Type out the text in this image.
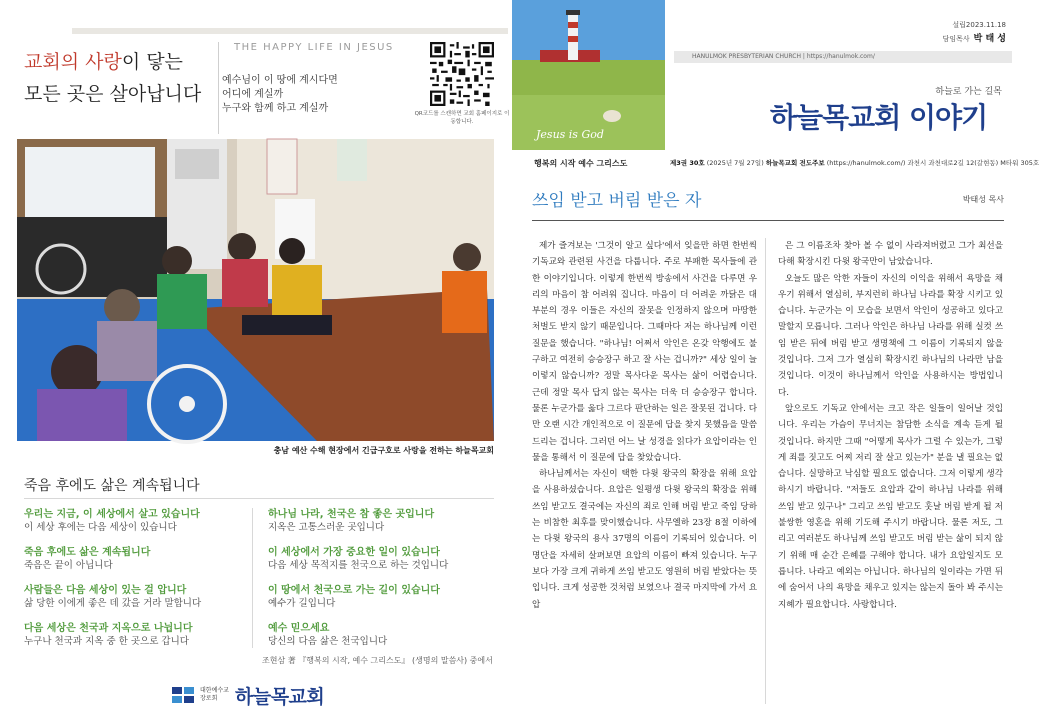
교회의 사랑이 닿는
모든 곳은 살아납니다
THE HAPPY LIFE IN JESUS
예수님이 이 땅에 계시다면
어디에 계실까
누구와 함께 하고 계실까	QR코드를 스캔하면 교회 홈페이지로 이동합니다.
충남 예산 수해 현장에서 긴급구호로 사랑을 전하는 하늘목교회
죽음 후에도 삶은 계속됩니다
우리는 지금, 이 세상에서 살고 있습니다
이 세상 후에는 다음 세상이 있습니다
죽음 후에도 삶은 계속됩니다
죽음은 끝이 아닙니다
사람들은 다음 세상이 있는 걸 압니다
삶 당한 이에게 좋은 데 갔을 거라 말합니다
다음 세상은 천국과 지옥으로 나뉩니다
누구나 천국과 지옥 중 한 곳으로 갑니다
하나님 나라, 천국은 참 좋은 곳입니다
지옥은 고통스러운 곳입니다
이 세상에서 가장 중요한 일이 있습니다
다음 세상 목적지를 천국으로 하는 것입니다
이 땅에서 천국으로 가는 길이 있습니다
예수가 길입니다
예수 믿으세요
당신의 다음 삶은 천국입니다
조현삼 著 『행복의 시작, 예수 그리스도』 (생명의 말씀사) 중에서
대한예수교
장로회 하늘목교회
Jesus is God
행복의 시작 예수 그리스도
설립2023.11.18
담임목사 박 태 성
HANULMOK PRESBYTERIAN CHURCH | https://hanulmok.com/
하늘로 가는 길목
하늘목교회 이야기
제3권 30호 (2025년 7월 27일) 하늘목교회 전도주보 (https://hanulmok.com/) 과천시 과천대로2길 12(갈현동) M타워 305호
쓰임 받고 버림 받은 자	박태성 목사

제가 즐겨보는 '그것이 알고 싶다'에서 잊을만 하면 한번씩 기독교와 관련된 사건을 다룹니다. 주로 부패한 목사들에 관한 이야기입니다. 이렇게 한번씩 방송에서 사건을 다루면 우리의 마음이 참 어려워 집니다. 마음이 더 어려운 까닭은 대부분의 경우 이들은 자신의 잘못을 인정하지 않으며 마땅한 처벌도 받지 않기 때문입니다. 그때마다 저는 하나님께 이런 질문을 했습니다. "하나님! 어쩌서 악인은 온갖 악행에도 불구하고 여전히 승승장구 하고 잘 사는 겁니까?" 세상 일이 늘 이렇지 않습니까? 정말 목사다운 목사는 삶이 어렵습니다. 근데 정말 목사 답지 않는 목사는 더욱 더 승승장구 합니다. 물론 누군가를 옳다 그르다 판단하는 일은 잘못된 겁니다. 다만 오랜 시간 개인적으로 이 질문에 답을 찾지 못했음을 말씀드리는 겁니다. 그러던 어느 날 성경을 읽다가 요압이라는 인물을 통해서 이 질문에 답을 찾았습니다.

하나님께서는 자신이 택한 다윗 왕국의 확장을 위해 요압을 사용하셨습니다. 요압은 일평생 다윗 왕국의 확장을 위해 쓰임 받고도 결국에는 자신의 죄로 인해 버림 받고 죽임 당하는 비참한 최후를 맞이했습니다. 사무엘하 23장 8절 이하에는 다윗 왕국의 용사 37명의 이름이 기록되어 있습니다. 이 명단을 자세히 살펴보면 요압의 이름이 빠져 있습니다. 누구보다 가장 크게 귀하게 쓰임 받고도 영원히 버림 받았다는 뜻입니다. 크게 성공한 것처럼 보였으나 결국 마지막에 가서 요압

은 그 이름조차 찾아 볼 수 없이 사라져버렸고 그가 최선을 다해 확장시킨 다윗 왕국만이 남았습니다.

오늘도 많은 악한 자들이 자신의 이익을 위해서 욕망을 채우기 위해서 열심히, 부지런히 하나님 나라를 확장 시키고 있습니다. 누군가는 이 모습을 보면서 악인이 성공하고 있다고 말할지 모릅니다. 그러나 악인은 하나님 나라를 위해 실컷 쓰임 받은 뒤에 버림 받고 생명책에 그 이름이 기록되지 않을 것입니다. 그저 그가 열심히 확장시킨 하나님의 나라만 남을 것입니다. 이것이 하나님께서 악인을 사용하시는 방법입니다.

앞으로도 기독교 안에서는 크고 작은 일들이 일어날 것입니다. 우리는 가슴이 무너지는 참담한 소식을 계속 듣게 될 것입니다. 하지만 그때 "어떻게 목사가 그럴 수 있는가, 그렇게 죄를 짓고도 어찌 저리 잘 살고 있는가" 분을 낼 필요는 없습니다. 실망하고 낙심할 필요도 없습니다. 그저 이렇게 생각하시기 바랍니다. "저들도 요압과 같이 하나님 나라를 위해 쓰임 받고 있구나" 그리고 쓰임 받고도 훗날 버림 받게 될 저 불쌍한 영혼을 위해 기도해 주시기 바랍니다. 물론 저도, 그리고 여러분도 하나님께 쓰임 받고도 버림 받는 삶이 되지 않기 위해 매 순간 은혜를 구해야 합니다. 내가 요압일지도 모릅니다. 나라고 예외는 아닙니다. 하나님의 일이라는 가면 뒤에 숨어서 나의 욕망을 채우고 있지는 않는지 돌아 봐 주시는 지혜가 필요합니다. 사랑합니다.
